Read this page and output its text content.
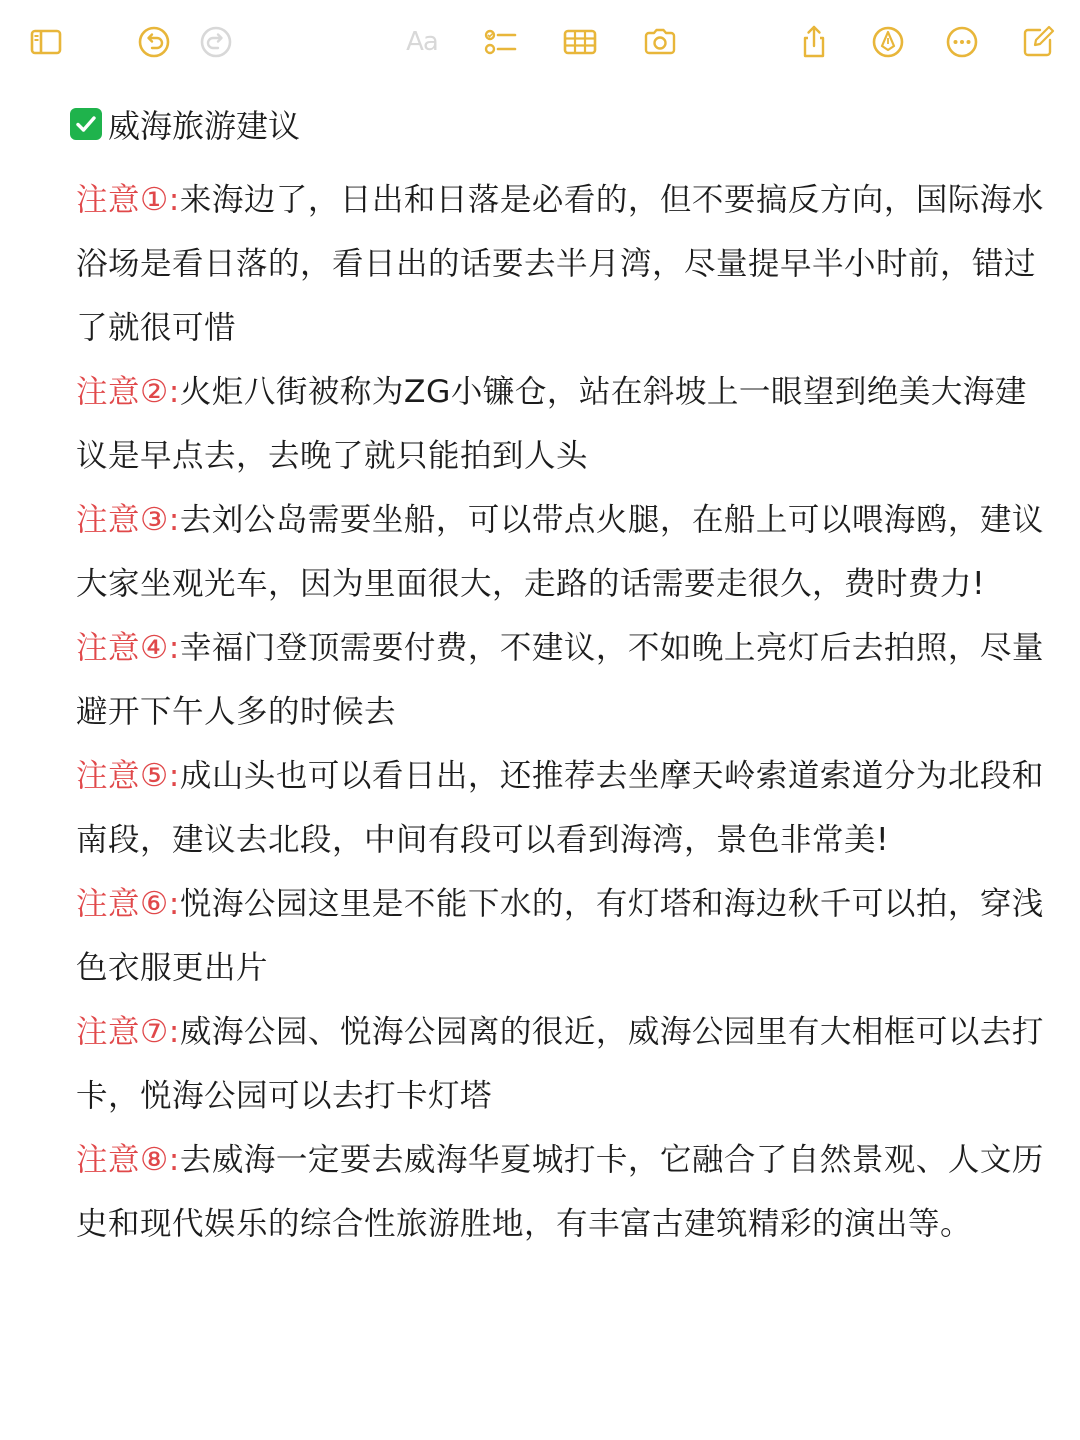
Aa
威海旅游建议

注意①:来海边了，日出和日落是必看的，但不要搞反方向，国际海水浴场是看日落的，看日出的话要去半月湾，尽量提早半小时前，错过了就很可惜

注意②:火炬八街被称为ZG小镰仓，站在斜坡上一眼望到绝美大海建议是早点去，去晚了就只能拍到人头

注意③:去刘公岛需要坐船，可以带点火腿，在船上可以喂海鸥，建议大家坐观光车，因为里面很大，走路的话需要走很久，费时费力!

注意④:幸福门登顶需要付费，不建议，不如晚上亮灯后去拍照，尽量避开下午人多的时候去

注意⑤:成山头也可以看日出，还推荐去坐摩天岭索道索道分为北段和南段，建议去北段，中间有段可以看到海湾，景色非常美!

注意⑥:悦海公园这里是不能下水的，有灯塔和海边秋千可以拍，穿浅色衣服更出片

注意⑦:威海公园、悦海公园离的很近，威海公园里有大相框可以去打卡，悦海公园可以去打卡灯塔

注意⑧:去威海一定要去威海华夏城打卡，它融合了自然景观、人文历史和现代娱乐的综合性旅游胜地，有丰富古建筑精彩的演出等。
